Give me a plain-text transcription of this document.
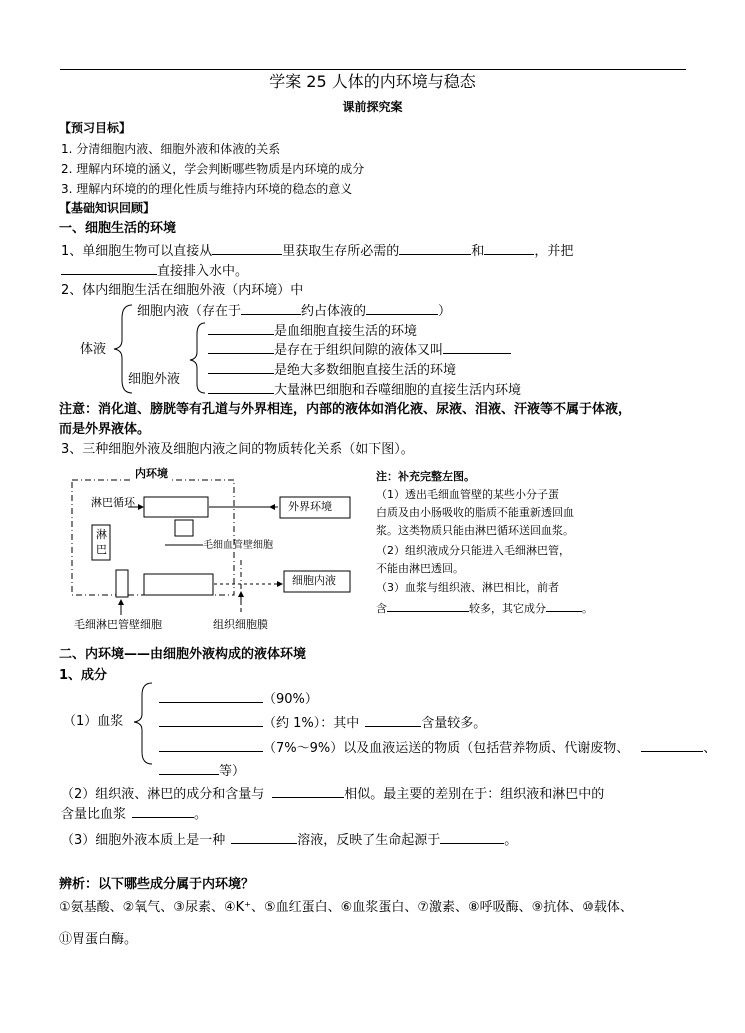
学案 25 人体的内环境与稳态
课前探究案
【预习目标】
1. 分清细胞内液、细胞外液和体液的关系
2. 理解内环境的涵义，学会判断哪些物质是内环境的成分
3. 理解内环境的的理化性质与维持内环境的稳态的意义
【基础知识回顾】
一、细胞生活的环境
1、单细胞生物可以直接从	里获取生存所必需的	和	，并把
直接排入水中。
2、体内细胞生活在细胞外液（内环境）中
体液
细胞内液（存在于	约占体液的	）
细胞外液
是血细胞直接生活的环境
是存在于组织间隙的液体又叫
是绝大多数细胞直接生活的环境
大量淋巴细胞和吞噬细胞的直接生活内环境
注意：消化道、膀胱等有孔道与外界相连，内部的液体如消化液、尿液、泪液、汗液等不属于体液，
而是外界液体。
3、三种细胞外液及细胞内液之间的物质转化关系（如下图）。
内环境
淋巴循环
淋
巴
外界环境
毛细血管壁细胞
细胞内液
毛细淋巴管壁细胞	组织细胞膜
注：补充完整左图。
（1）透出毛细血管壁的某些小分子蛋
白质及由小肠吸收的脂质不能重新透回血
浆。这类物质只能由淋巴循环送回血浆。
（2）组织液成分只能进入毛细淋巴管，
不能由淋巴透回。
（3）血浆与组织液、淋巴相比，前者
含	较多，其它成分	。
二、内环境——由细胞外液构成的液体环境
1、成分
（1）血浆
（90%）
（约 1%）：其中	含量较多。
（7%～9%）以及血液运送的物质（包括营养物质、代谢废物、	、
等）
（2）组织液、淋巴的成分和含量与	相似。最主要的差别在于：组织液和淋巴中的
含量比血浆	。
（3）细胞外液本质上是一种	溶液，反映了生命起源于	。
辨析：以下哪些成分属于内环境？
①氨基酸、②氧气、③尿素、④K⁺、⑤血红蛋白、⑥血浆蛋白、⑦激素、⑧呼吸酶、⑨抗体、⑩载体、
⑪胃蛋白酶。
